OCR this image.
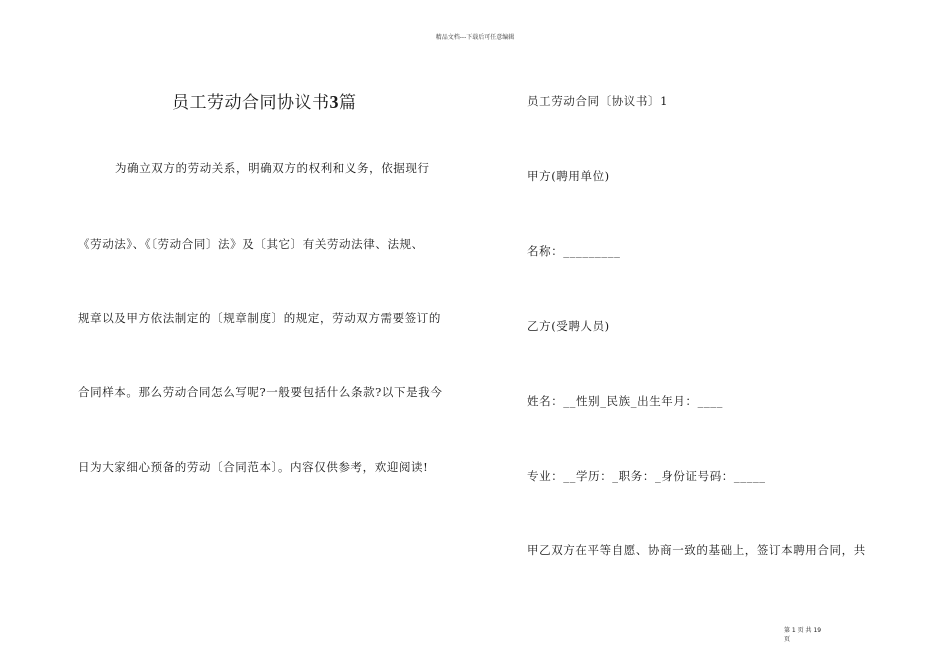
精品文档---下载后可任意编辑
员工劳动合同协议书3篇
为确立双方的劳动关系，明确双方的权利和义务，依据现行
《劳动法》、《〔劳动合同〕法》及〔其它〕有关劳动法律、法规、
规章以及甲方依法制定的〔规章制度〕的规定，劳动双方需要签订的
合同样本。那么劳动合同怎么写呢?一般要包括什么条款?以下是我今
日为大家细心预备的劳动〔合同范本〕。内容仅供参考，欢迎阅读!
员工劳动合同〔协议书〕1
甲方(聘用单位)
名称：_________
乙方(受聘人员)
姓名：__性别_民族_出生年月：____
专业：__学历：_职务：_身份证号码：_____
甲乙双方在平等自愿、协商一致的基础上，签订本聘用合同，共
第 1 页 共 19
页
